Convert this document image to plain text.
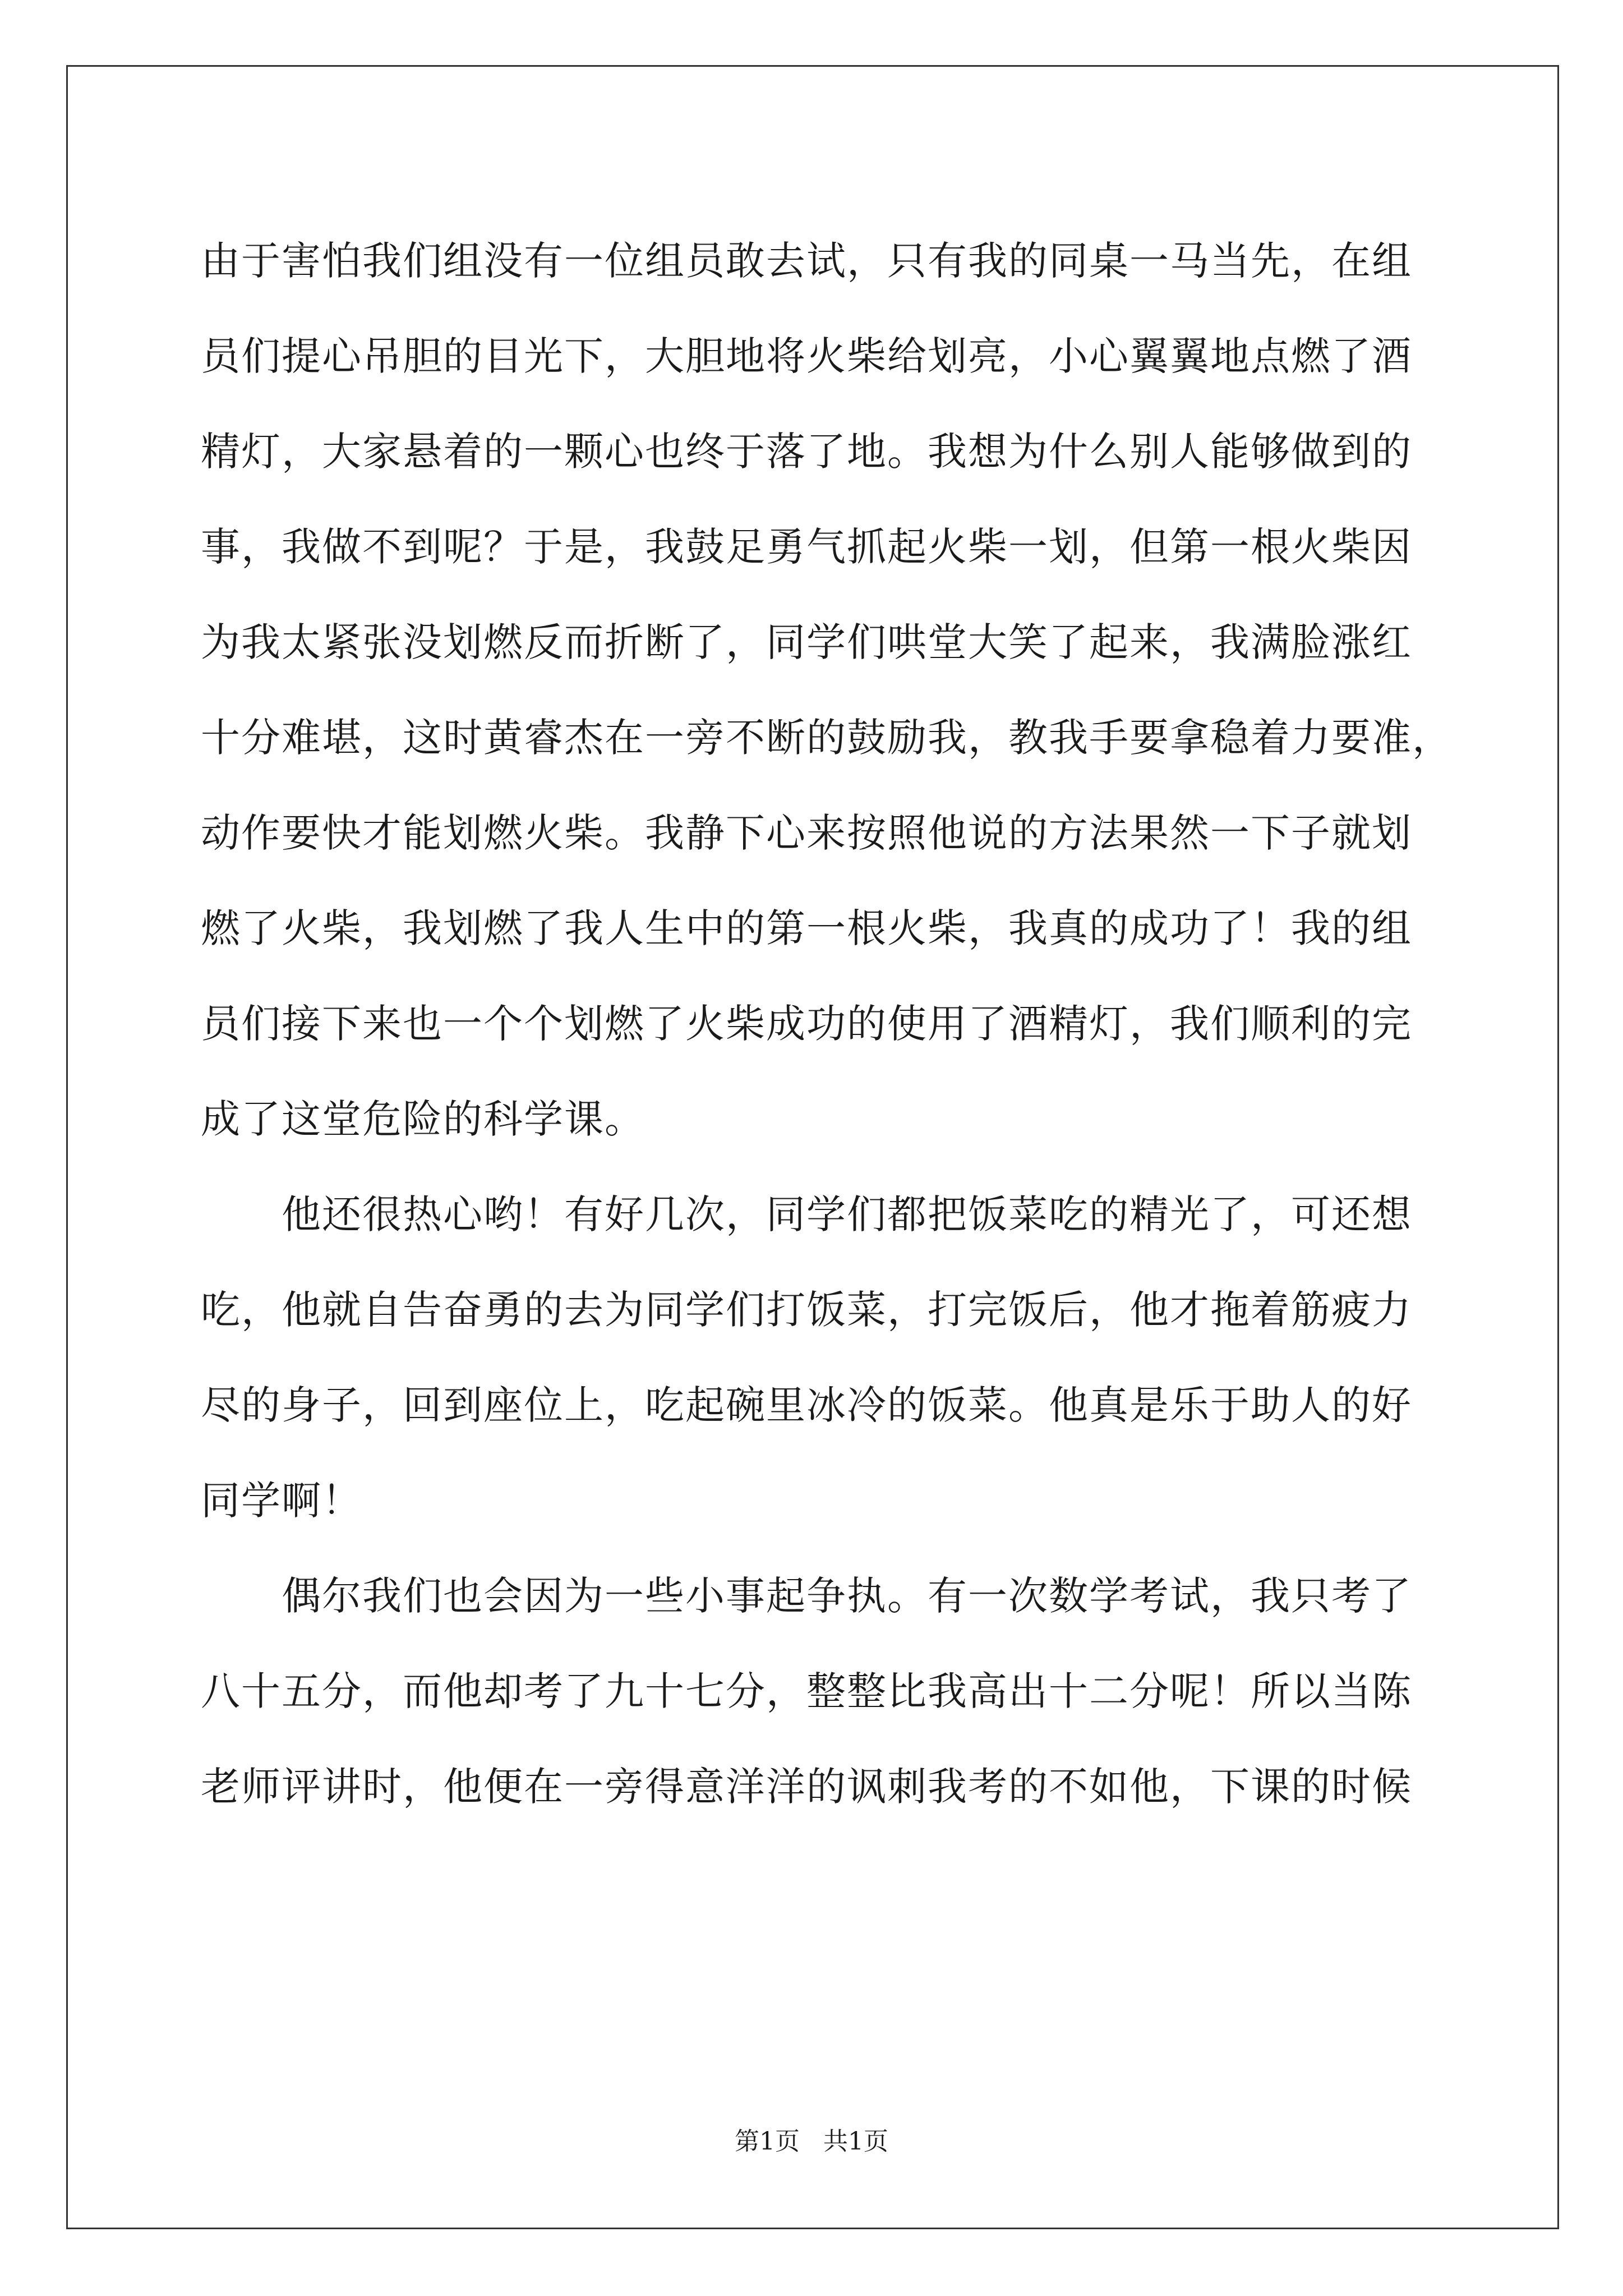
由于害怕我们组没有一位组员敢去试，只有我的同桌一马当先，在组
员们提心吊胆的目光下，大胆地将火柴给划亮，小心翼翼地点燃了酒
精灯，大家悬着的一颗心也终于落了地。我想为什么别人能够做到的
事，我做不到呢？于是，我鼓足勇气抓起火柴一划，但第一根火柴因
为我太紧张没划燃反而折断了，同学们哄堂大笑了起来，我满脸涨红
十分难堪，这时黄睿杰在一旁不断的鼓励我，教我手要拿稳着力要准，
动作要快才能划燃火柴。我静下心来按照他说的方法果然一下子就划
燃了火柴，我划燃了我人生中的第一根火柴，我真的成功了！我的组
员们接下来也一个个划燃了火柴成功的使用了酒精灯，我们顺利的完
成了这堂危险的科学课。
　　他还很热心哟！有好几次，同学们都把饭菜吃的精光了，可还想
吃，他就自告奋勇的去为同学们打饭菜，打完饭后，他才拖着筋疲力
尽的身子，回到座位上，吃起碗里冰冷的饭菜。他真是乐于助人的好
同学啊！
　　偶尔我们也会因为一些小事起争执。有一次数学考试，我只考了
八十五分，而他却考了九十七分，整整比我高出十二分呢！所以当陈
老师评讲时，他便在一旁得意洋洋的讽刺我考的不如他，下课的时候
第1页 共1页
